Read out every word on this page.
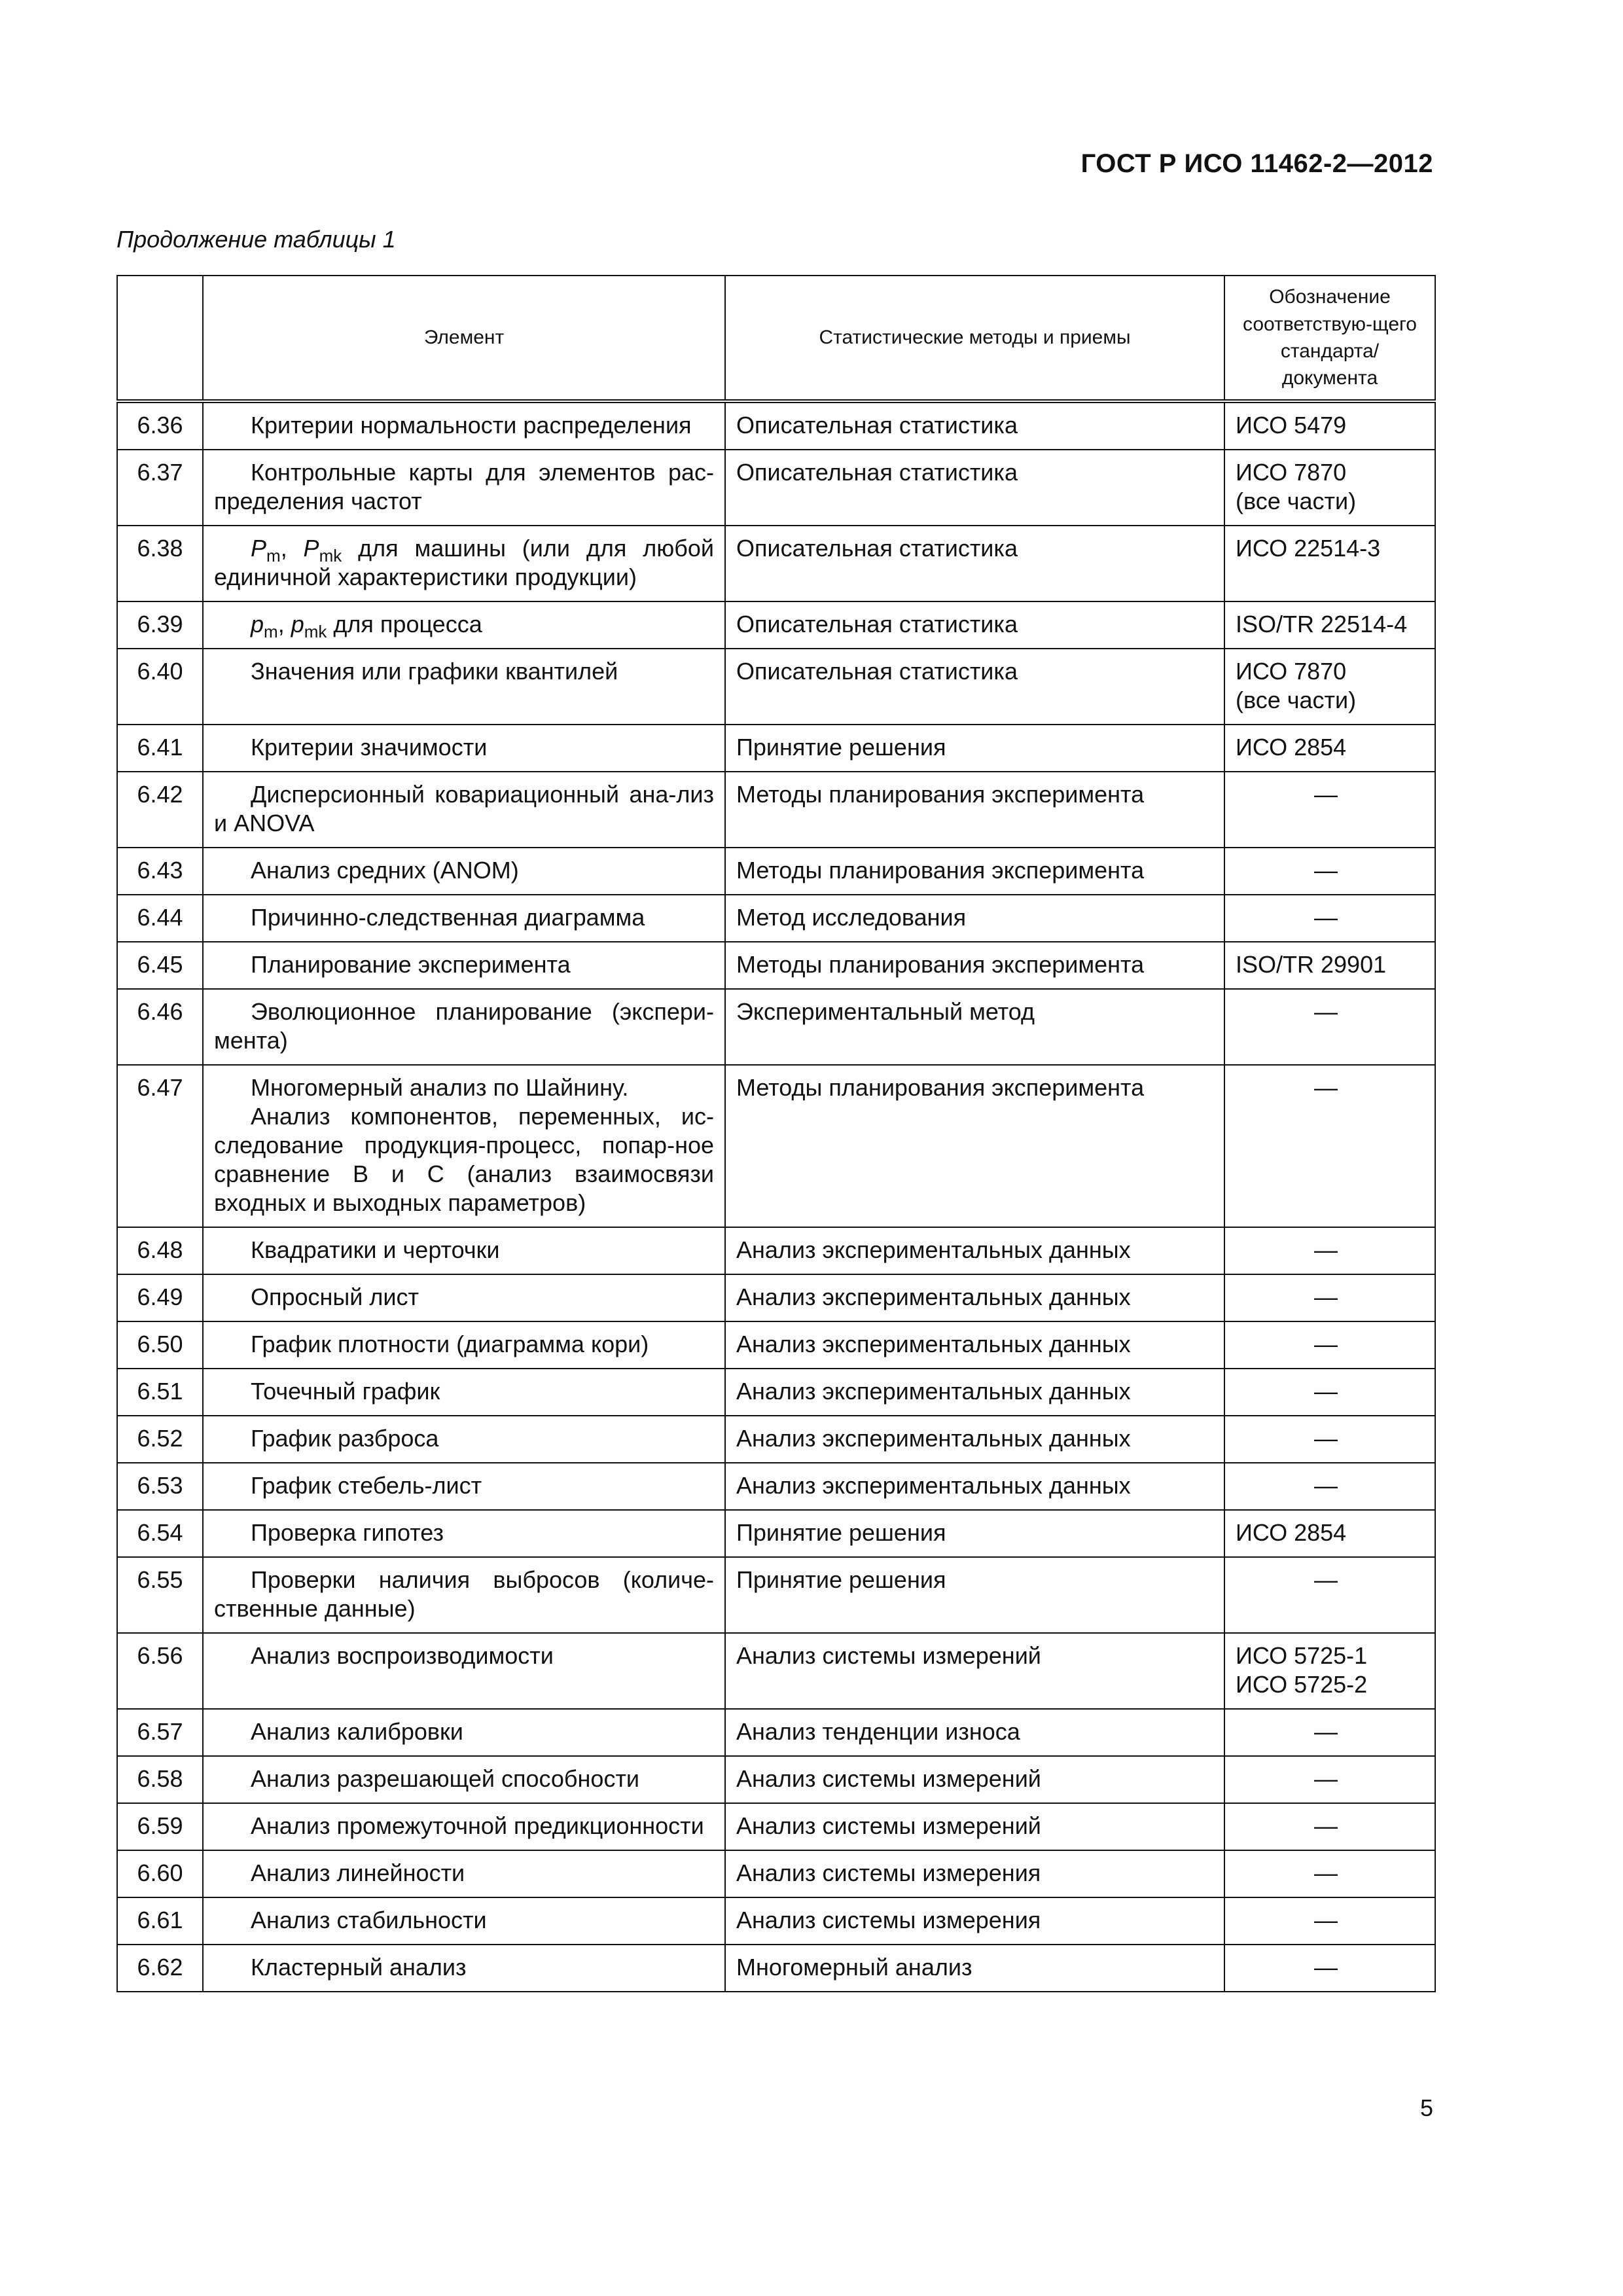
ГОСТ Р ИСО 11462-2—2012
Продолжение таблицы 1
	Элемент	Статистические методы и приемы	Обозначение соответствую-щего стандарта/ документа
6.36	Критерии нормальности распределения	Описательная статистика	ИСО 5479

6.37	Контрольные карты для элементов рас-пределения частот	Описательная статистика	ИСО 7870
(все части)

6.38	$P_m$, $P_{mk}$ для машины (или для любой единичной характеристики продукции)	Описательная статистика	ИСО 22514-3

6.39	$p_m$, $p_{mk}$ для процесса	Описательная статистика	ISO/TR 22514-4

6.40	Значения или графики квантилей	Описательная статистика	ИСО 7870
(все части)

6.41	Критерии значимости	Принятие решения	ИСО 2854

6.42	Дисперсионный ковариационный ана-лиз и ANOVA	Методы планирования эксперимента	—

6.43	Анализ средних (ANOM)	Методы планирования эксперимента	—

6.44	Причинно-следственная диаграмма	Метод исследования	—

6.45	Планирование эксперимента	Методы планирования эксперимента	ISO/TR 29901

6.46	Эволюционное планирование (экспери-мента)	Экспериментальный метод	—

6.47	Многомерный анализ по Шайнину.
Анализ компонентов, переменных, ис-следование продукция-процесс, попар-ное сравнение В и С (анализ взаимосвязи входных и выходных параметров)	Методы планирования эксперимента	—

6.48	Квадратики и черточки	Анализ экспериментальных данных	—

6.49	Опросный лист	Анализ экспериментальных данных	—

6.50	График плотности (диаграмма кори)	Анализ экспериментальных данных	—

6.51	Точечный график	Анализ экспериментальных данных	—

6.52	График разброса	Анализ экспериментальных данных	—

6.53	График стебель-лист	Анализ экспериментальных данных	—

6.54	Проверка гипотез	Принятие решения	ИСО 2854

6.55	Проверки наличия выбросов (количе-ственные данные)	Принятие решения	—

6.56	Анализ воспроизводимости	Анализ системы измерений	ИСО 5725-1
ИСО 5725-2

6.57	Анализ калибровки	Анализ тенденции износа	—

6.58	Анализ разрешающей способности	Анализ системы измерений	—

6.59	Анализ промежуточной предикционности	Анализ системы измерений	—

6.60	Анализ линейности	Анализ системы измерения	—

6.61	Анализ стабильности	Анализ системы измерения	—

6.62	Кластерный анализ	Многомерный анализ	—
5
